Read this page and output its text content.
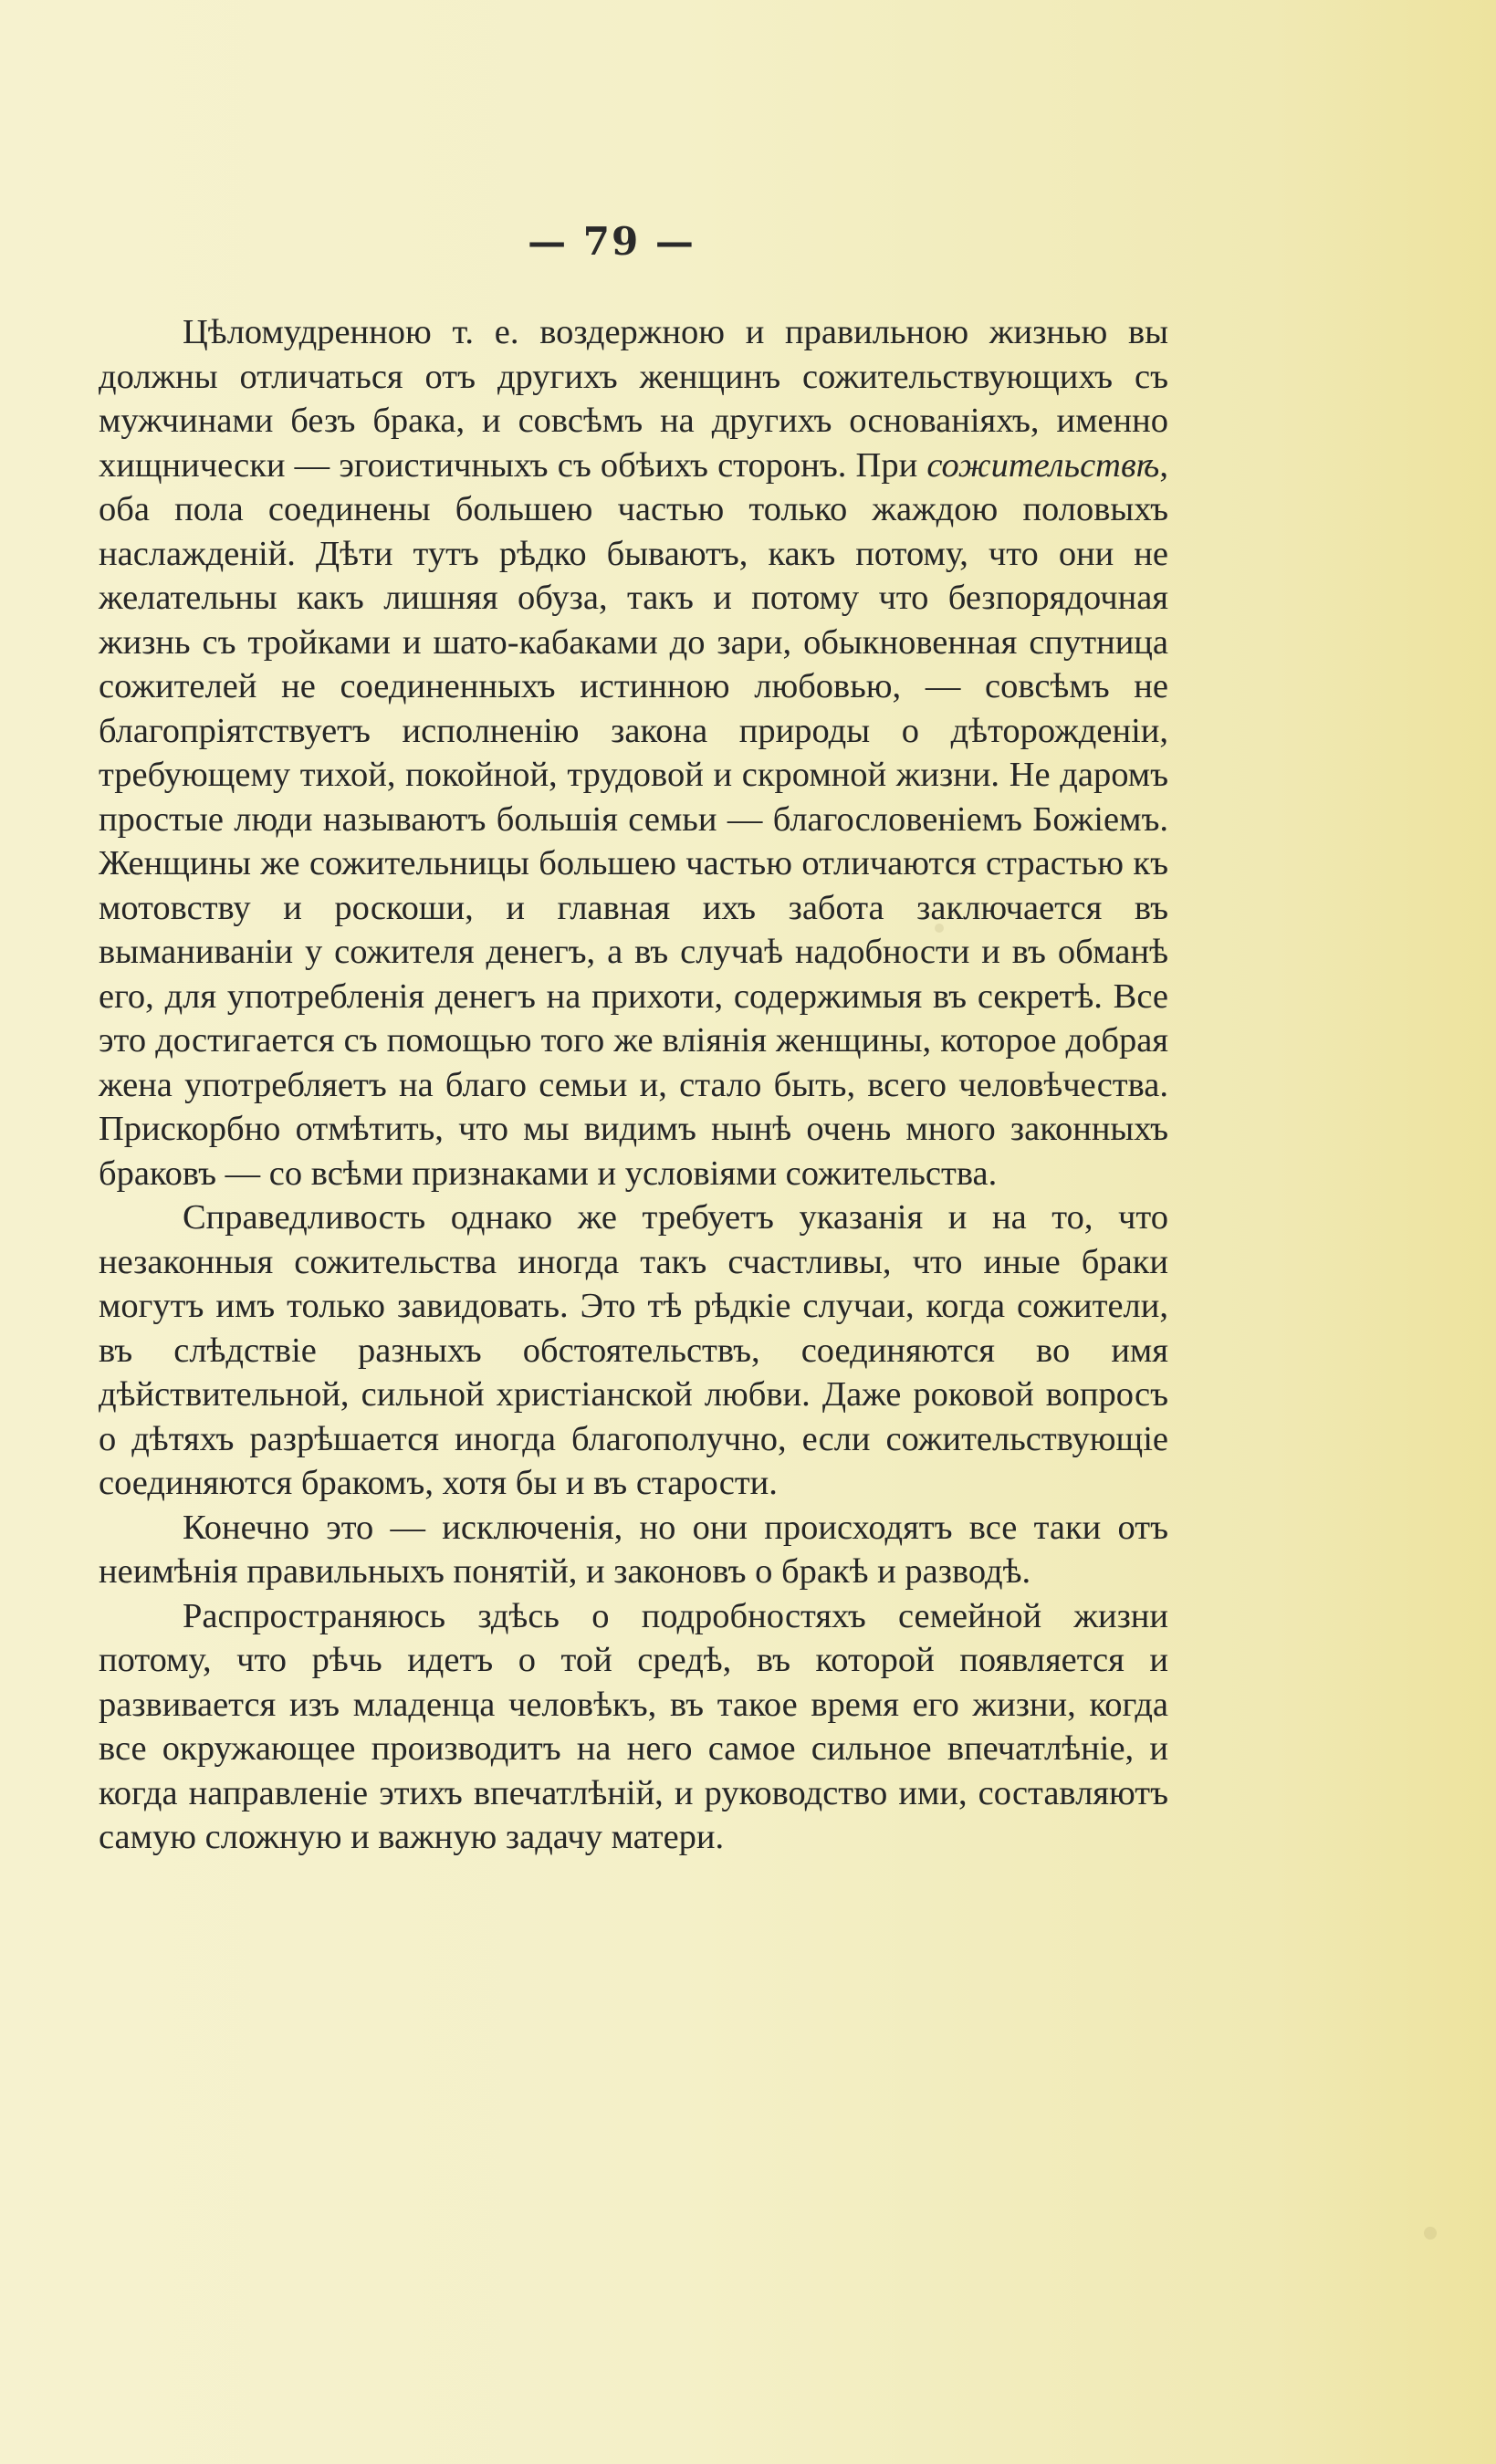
— 79 —

Цѣломудренною т. е. воздержною и правильною жизнью вы должны отличаться отъ другихъ женщинъ сожительствующихъ съ мужчинами безъ брака, и совсѣмъ на другихъ основаніяхъ, именно хищнически — эгоистичныхъ съ обѣихъ сторонъ. При сожительствѣ, оба пола соединены большею частью только жаждою половыхъ наслажденій. Дѣти тутъ рѣдко бываютъ, какъ потому, что они не желательны какъ лишняя обуза, такъ и потому что безпорядочная жизнь съ тройками и шато-кабаками до зари, обыкновенная спутница сожителей не соединенныхъ истинною любовью, — совсѣмъ не благопріятствуетъ исполненію закона природы о дѣторожденіи, требующему тихой, покойной, трудовой и скромной жизни. Не даромъ простые люди называютъ большія семьи — благословеніемъ Божіемъ. Женщины же сожительницы большею частью отличаются страстью къ мотовству и роскоши, и главная ихъ забота заключается въ выманиваніи у сожителя денегъ, а въ случаѣ надобности и въ обманѣ его, для употребленія денегъ на прихоти, содержимыя въ секретѣ. Все это достигается съ помощью того же вліянія женщины, которое добрая жена употребляетъ на благо семьи и, стало быть, всего человѣчества. Прискорбно отмѣтить, что мы видимъ нынѣ очень много законныхъ браковъ — со всѣми признаками и условіями сожительства.

Справедливость однако же требуетъ указанія и на то, что незаконныя сожительства иногда такъ счастливы, что иные браки могутъ имъ только завидовать. Это тѣ рѣдкіе случаи, когда сожители, въ слѣдствіе разныхъ обстоятельствъ, соединяются во имя дѣйствительной, сильной христіанской любви. Даже роковой вопросъ о дѣтяхъ разрѣшается иногда благополучно, если сожительствующіе соединяются бракомъ, хотя бы и въ старости.

Конечно это — исключенія, но они происходятъ все таки отъ неимѣнія правильныхъ понятій, и законовъ о бракѣ и разводѣ.

Распространяюсь здѣсь о подробностяхъ семейной жизни потому, что рѣчь идетъ о той средѣ, въ которой появляется и развивается изъ младенца человѣкъ, въ такое время его жизни, когда все окружающее производитъ на него самое сильное впечатлѣніе, и когда направленіе этихъ впечатлѣній, и руководство ими, составляютъ самую сложную и важную задачу матери.
